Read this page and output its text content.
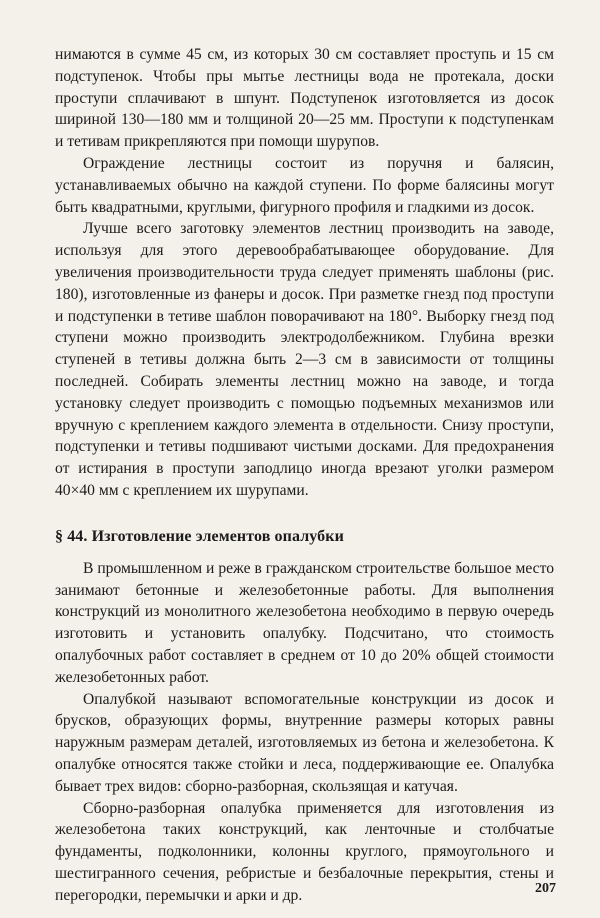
нимаются в сумме 45 см, из которых 30 см составляет проступь и 15 см подступенок. Чтобы пры мытье лестницы вода не протекала, доски проступи сплачивают в шпунт. Подступенок изготовляется из досок шириной 130—180 мм и толщиной 20—25 мм. Проступи к подступенкам и тетивам прикрепляются при помощи шурупов.

Ограждение лестницы состоит из поручня и балясин, устанавливаемых обычно на каждой ступени. По форме балясины могут быть квадратными, круглыми, фигурного профиля и гладкими из досок.

Лучше всего заготовку элементов лестниц производить на заводе, используя для этого деревообрабатывающее оборудование. Для увеличения производительности труда следует применять шаблоны (рис. 180), изготовленные из фанеры и досок. При разметке гнезд под проступи и подступенки в тетиве шаблон поворачивают на 180°. Выборку гнезд под ступени можно производить электродолбежником. Глубина врезки ступеней в тетивы должна быть 2—3 см в зависимости от толщины последней. Собирать элементы лестниц можно на заводе, и тогда установку следует производить с помощью подъемных механизмов или вручную с креплением каждого элемента в отдельности. Снизу проступи, подступенки и тетивы подшивают чистыми досками. Для предохранения от истирания в проступи заподлицо иногда врезают уголки размером 40×40 мм с креплением их шурупами.

§ 44. Изготовление элементов опалубки

В промышленном и реже в гражданском строительстве большое место занимают бетонные и железобетонные работы. Для выполнения конструкций из монолитного железобетона необходимо в первую очередь изготовить и установить опалубку. Подсчитано, что стоимость опалубочных работ составляет в среднем от 10 до 20% общей стоимости железобетонных работ.

Опалубкой называют вспомогательные конструкции из досок и брусков, образующих формы, внутренние размеры которых равны наружным размерам деталей, изготовляемых из бетона и железобетона. К опалубке относятся также стойки и леса, поддерживающие ее. Опалубка бывает трех видов: сборно-разборная, скользящая и катучая.

Сборно-разборная опалубка применяется для изготовления из железобетона таких конструкций, как ленточные и столбчатые фундаменты, подколонники, колонны круглого, прямоугольного и шестигранного сечения, ребристые и безбалочные перекрытия, стены и перегородки, перемычки и арки и др.	207
